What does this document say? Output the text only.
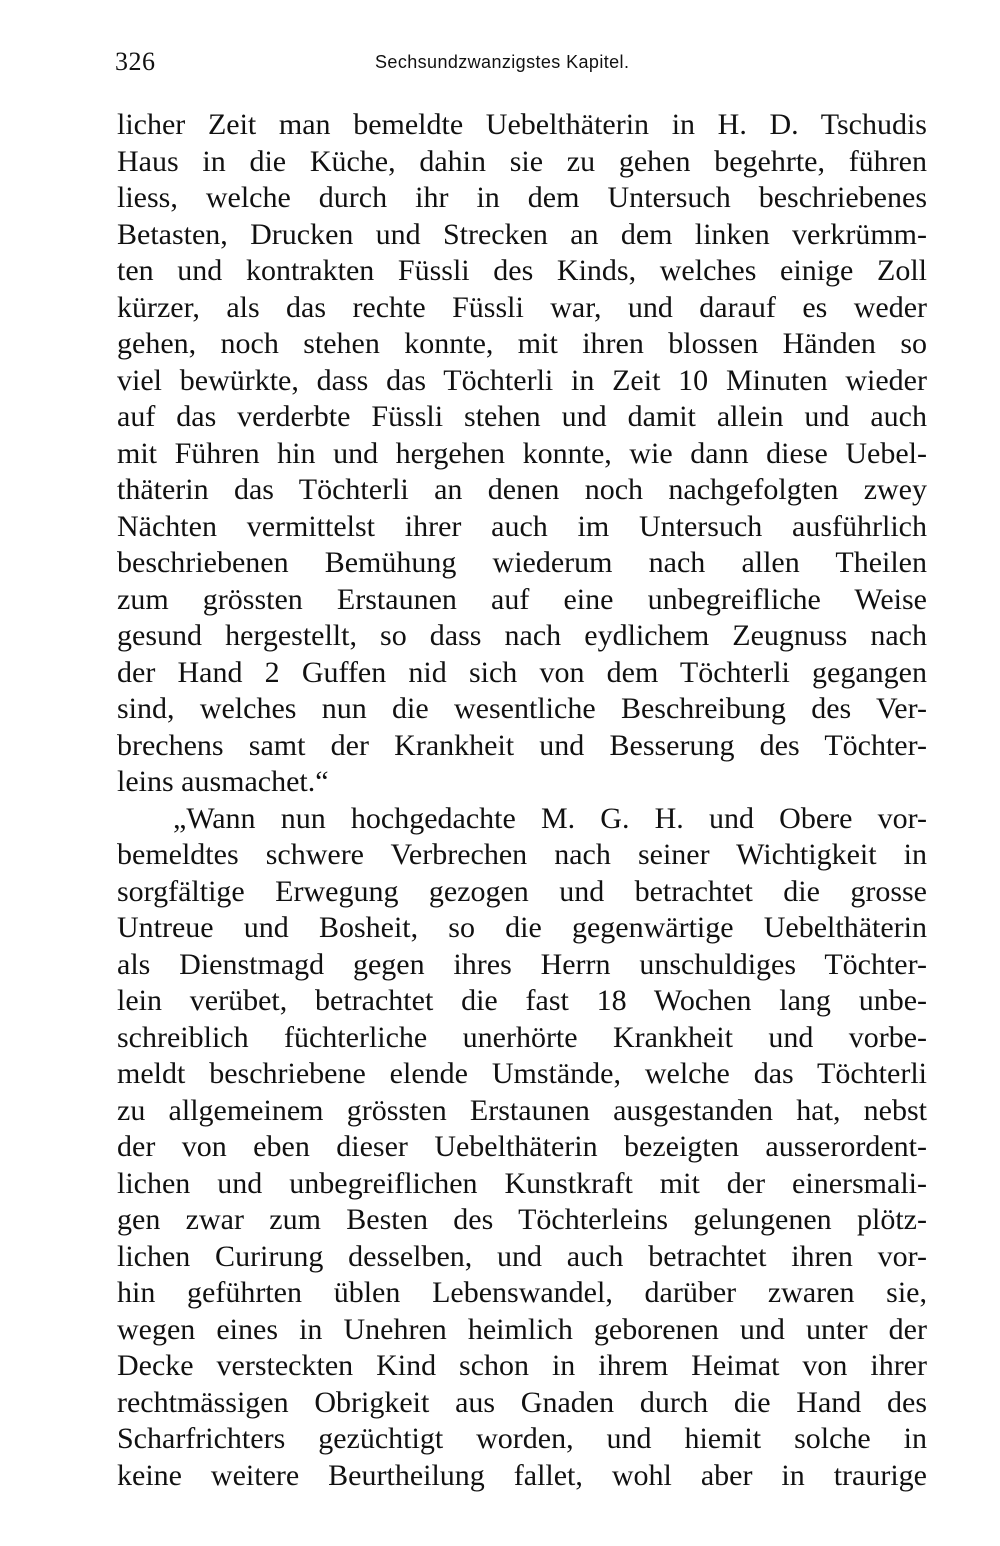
326	Sechsundzwanzigstes Kapitel.
licher Zeit man bemeldte Uebelthäterin in H. D. Tschudis
Haus in die Küche, dahin sie zu gehen begehrte, führen
liess, welche durch ihr in dem Untersuch beschriebenes
Betasten, Drucken und Strecken an dem linken verkrümm-
ten und kontrakten Füssli des Kinds, welches einige Zoll
kürzer, als das rechte Füssli war, und darauf es weder
gehen, noch stehen konnte, mit ihren blossen Händen so
viel bewürkte, dass das Töchterli in Zeit 10 Minuten wieder
auf das verderbte Füssli stehen und damit allein und auch
mit Führen hin und hergehen konnte, wie dann diese Uebel-
thäterin das Töchterli an denen noch nachgefolgten zwey
Nächten vermittelst ihrer auch im Untersuch ausführlich
beschriebenen Bemühung wiederum nach allen Theilen
zum grössten Erstaunen auf eine unbegreifliche Weise
gesund hergestellt, so dass nach eydlichem Zeugnuss nach
der Hand 2 Guffen nid sich von dem Töchterli gegangen
sind, welches nun die wesentliche Beschreibung des Ver-
brechens samt der Krankheit und Besserung des Töchter-
leins ausmachet.“
„Wann nun hochgedachte M. G. H. und Obere vor-
bemeldtes schwere Verbrechen nach seiner Wichtigkeit in
sorgfältige Erwegung gezogen und betrachtet die grosse
Untreue und Bosheit, so die gegenwärtige Uebelthäterin
als Dienstmagd gegen ihres Herrn unschuldiges Töchter-
lein verübet, betrachtet die fast 18 Wochen lang unbe-
schreiblich füchterliche unerhörte Krankheit und vorbe-
meldt beschriebene elende Umstände, welche das Töchterli
zu allgemeinem grössten Erstaunen ausgestanden hat, nebst
der von eben dieser Uebelthäterin bezeigten ausserordent-
lichen und unbegreiflichen Kunstkraft mit der einersmali-
gen zwar zum Besten des Töchterleins gelungenen plötz-
lichen Curirung desselben, und auch betrachtet ihren vor-
hin geführten üblen Lebenswandel, darüber zwaren sie,
wegen eines in Unehren heimlich geborenen und unter der
Decke versteckten Kind schon in ihrem Heimat von ihrer
rechtmässigen Obrigkeit aus Gnaden durch die Hand des
Scharfrichters gezüchtigt worden, und hiemit solche in
keine weitere Beurtheilung fallet, wohl aber in traurige
